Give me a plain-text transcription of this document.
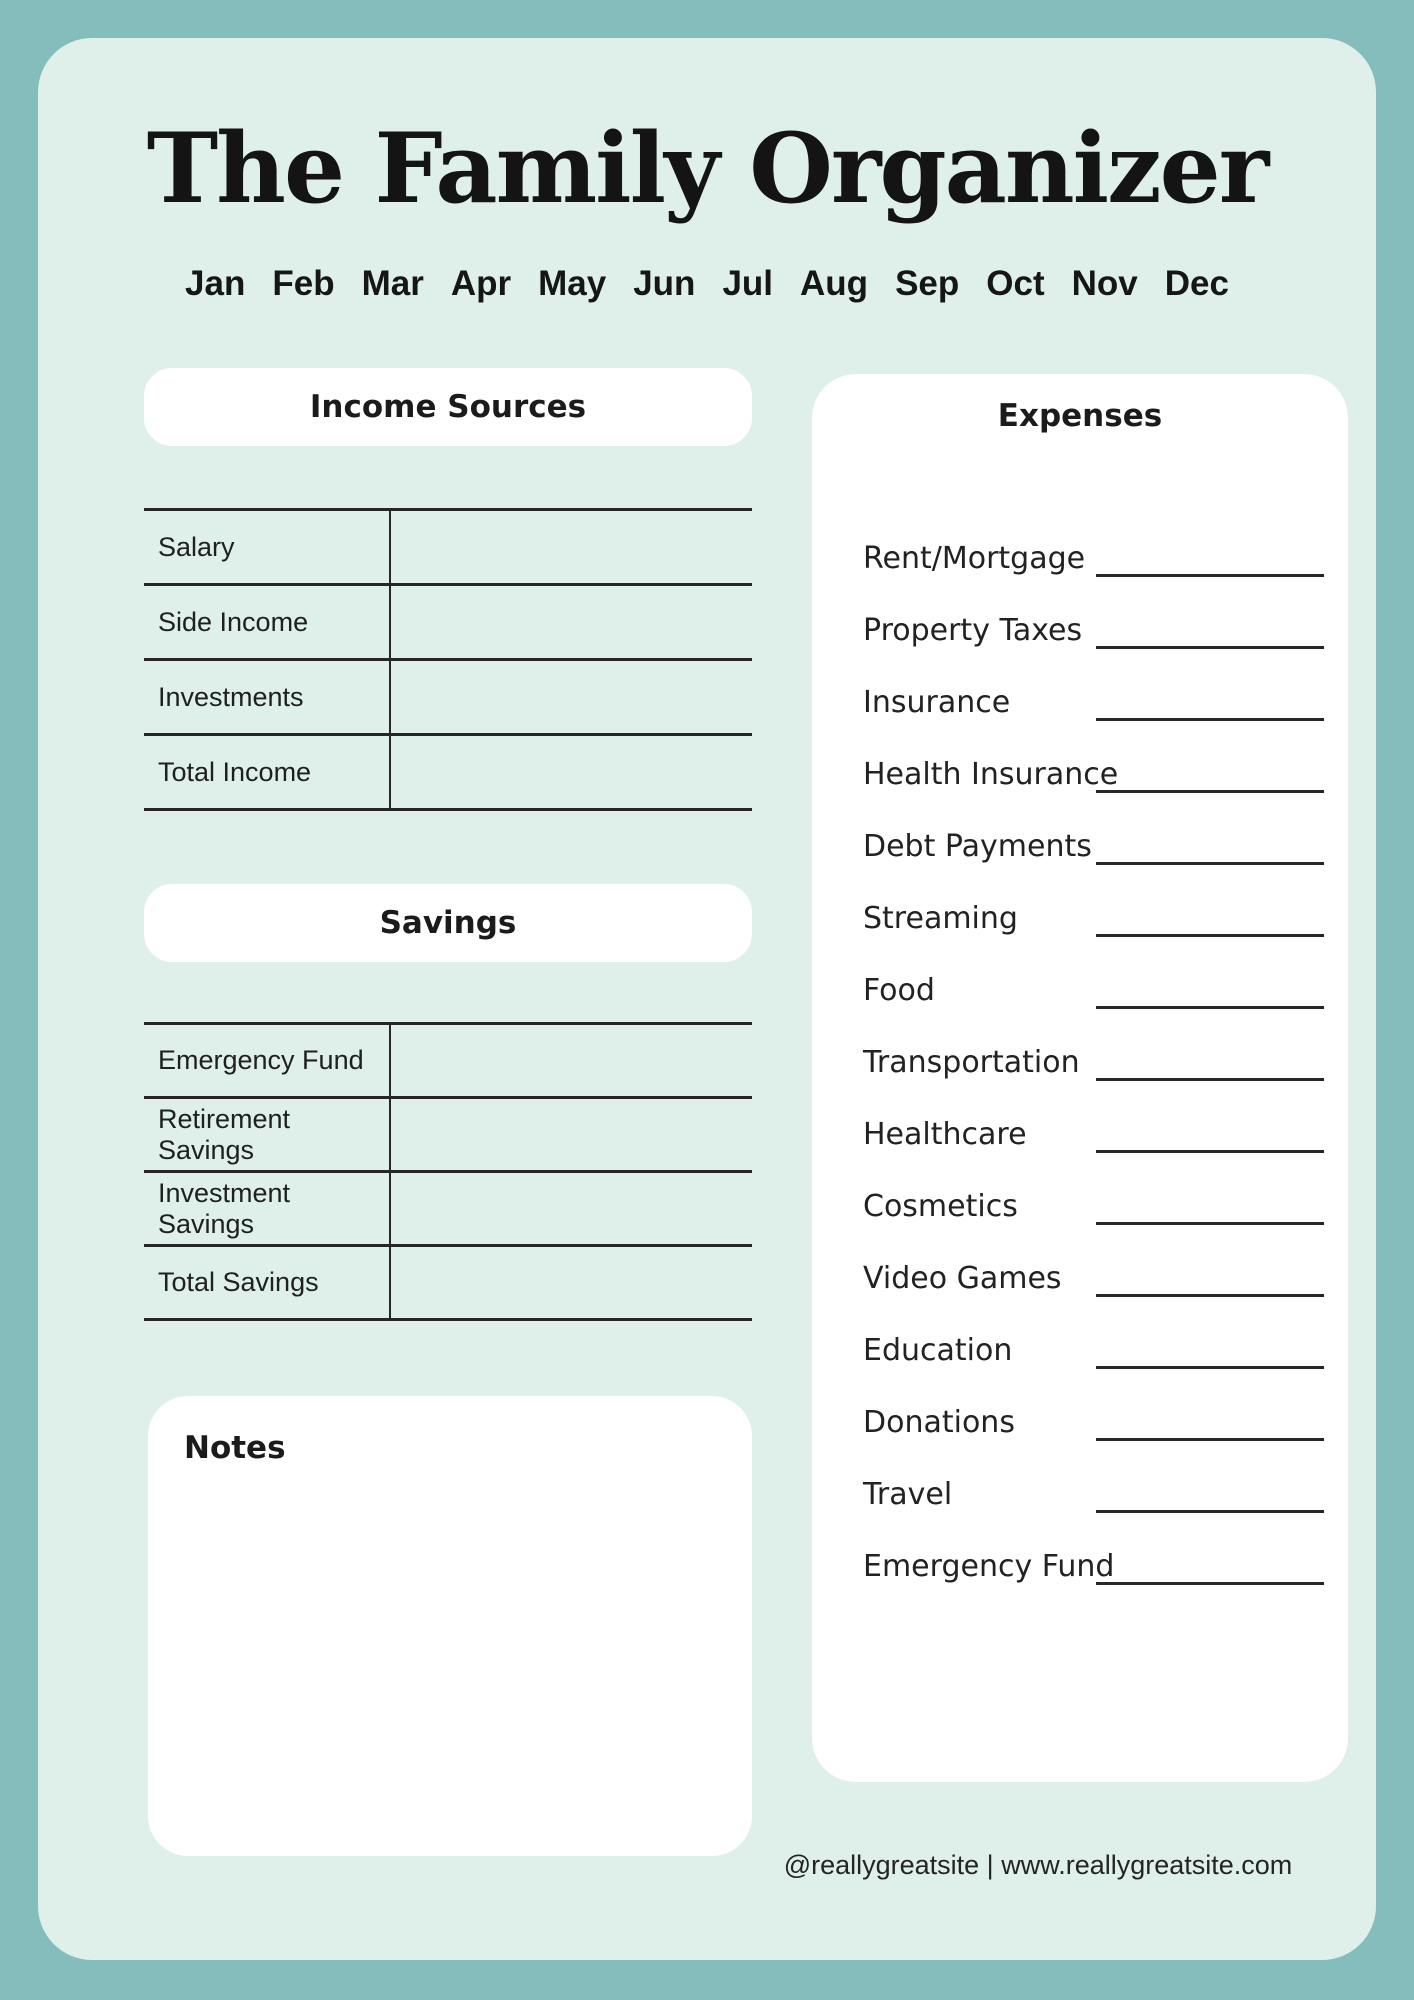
The Family Organizer
Jan Feb Mar Apr May Jun Jul Aug Sep Oct Nov Dec
Income Sources
Salary
Side Income
Investments
Total Income
Savings
Emergency Fund
Retirement Savings
Investment Savings
Total Savings
Notes
Expenses
Rent/Mortgage
Property Taxes
Insurance
Health Insurance
Debt Payments
Streaming
Food
Transportation
Healthcare
Cosmetics
Video Games
Education
Donations
Travel
Emergency Fund
@reallygreatsite | www.reallygreatsite.com
